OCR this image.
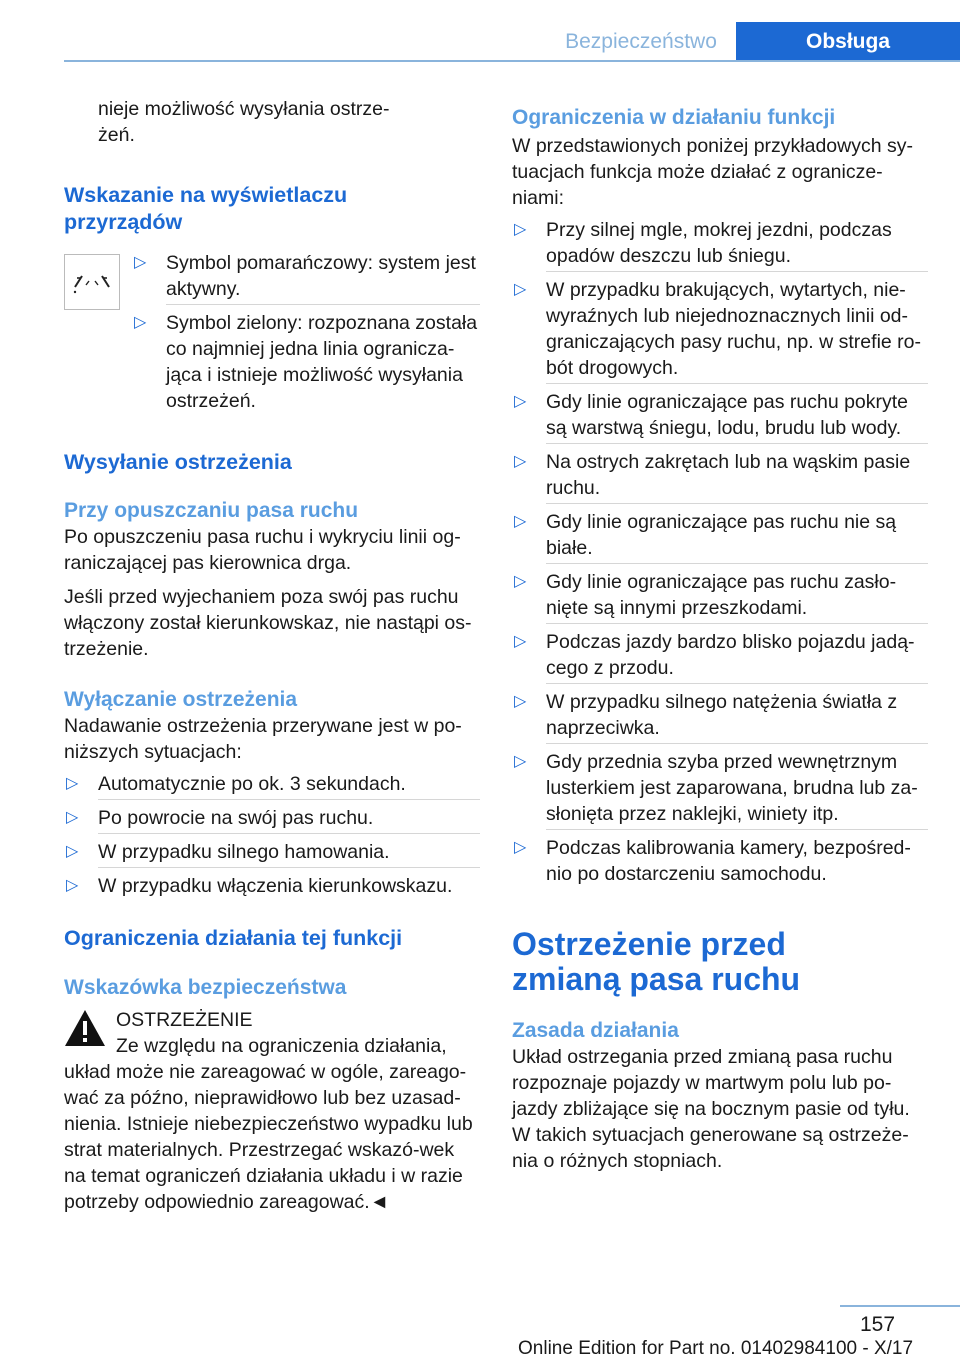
Bezpieczeństwo	Obsługa

nieje możliwość wysyłania ostrze-
żeń.

Wskazanie na wyświetlaczu przyrządów
▷ Symbol pomarańczowy: system jest aktywny.
▷ Symbol zielony: rozpoznana została co najmniej jedna linia ogranicza-jąca i istnieje możliwość wysyłania ostrzeżeń.
Wysyłanie ostrzeżenia
Przy opuszczaniu pasa ruchu

Po opuszczeniu pasa ruchu i wykryciu linii og-raniczającej pas kierownica drga.

Jeśli przed wyjechaniem poza swój pas ruchu włączony został kierunkowskaz, nie nastąpi os-trzeżenie.

Wyłączanie ostrzeżenia

Nadawanie ostrzeżenia przerywane jest w po-niższych sytuacjach:

▷ Automatycznie po ok. 3 sekundach.
▷ Po powrocie na swój pas ruchu.
▷ W przypadku silnego hamowania.
▷ W przypadku włączenia kierunkowskazu.
Ograniczenia działania tej funkcji
Wskazówka bezpieczeństwa

OSTRZEŻENIE

Ze względu na ograniczenia działania,

układ może nie zareagować w ogóle, zareago-wać za późno, nieprawidłowo lub bez uzasad-nienia. Istnieje niebezpieczeństwo wypadku lub strat materialnych. Przestrzegać wskazó-wek na temat ograniczeń działania układu i w razie potrzeby odpowiednio zareagować.◄

Ograniczenia w działaniu funkcji

W przedstawionych poniżej przykładowych sy-tuacjach funkcja może działać z ogranicze-niami:

▷ Przy silnej mgle, mokrej jezdni, podczas opadów deszczu lub śniegu.
▷ W przypadku brakujących, wytartych, nie-wyraźnych lub niejednoznacznych linii od-graniczających pasy ruchu, np. w strefie ro-bót drogowych.
▷ Gdy linie ograniczające pas ruchu pokryte są warstwą śniegu, lodu, brudu lub wody.
▷ Na ostrych zakrętach lub na wąskim pasie ruchu.
▷ Gdy linie ograniczające pas ruchu nie są białe.
▷ Gdy linie ograniczające pas ruchu zasło-nięte są innymi przeszkodami.
▷ Podczas jazdy bardzo blisko pojazdu jadą-cego z przodu.
▷ W przypadku silnego natężenia światła z naprzeciwka.
▷ Gdy przednia szyba przed wewnętrznym lusterkiem jest zaparowana, brudna lub za-słonięta przez naklejki, winiety itp.
▷ Podczas kalibrowania kamery, bezpośred-nio po dostarczeniu samochodu.
Ostrzeżenie przed zmianą pasa ruchu
Zasada działania

Układ ostrzegania przed zmianą pasa ruchu rozpoznaje pojazdy w martwym polu lub po-jazdy zbliżające się na bocznym pasie od tyłu. W takich sytuacjach generowane są ostrzeże-nia o różnych stopniach.

157
Online Edition for Part no. 01402984100 - X/17
